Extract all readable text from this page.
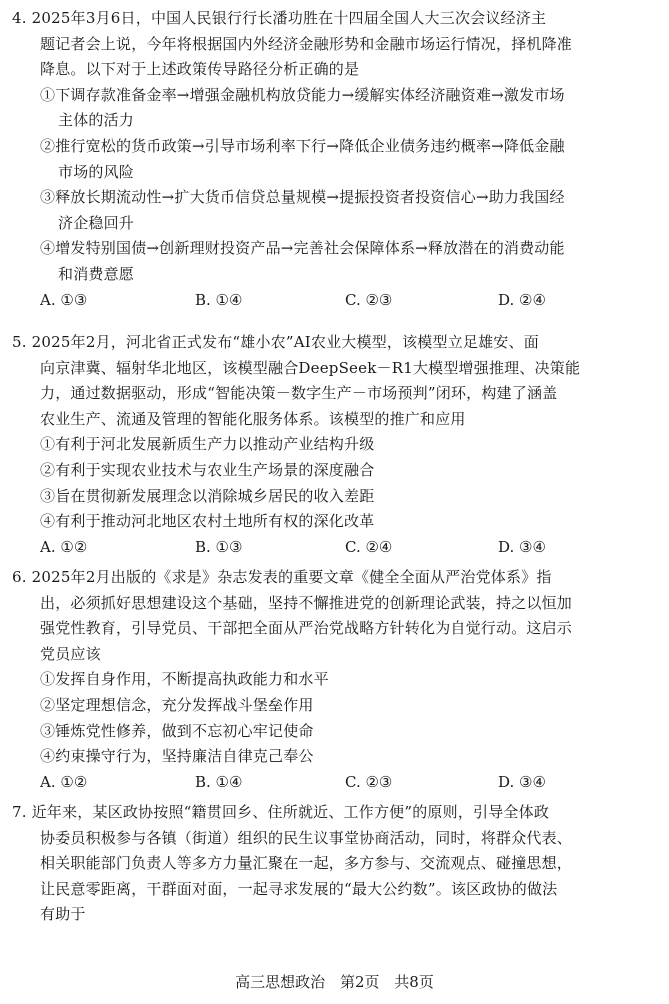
4. 2025年3月6日，中国人民银行行长潘功胜在十四届全国人大三次会议经济主
题记者会上说，今年将根据国内外经济金融形势和金融市场运行情况，择机降准
降息。以下对于上述政策传导路径分析正确的是
①下调存款准备金率→增强金融机构放贷能力→缓解实体经济融资难→激发市场
主体的活力
②推行宽松的货币政策→引导市场利率下行→降低企业债务违约概率→降低金融
市场的风险
③释放长期流动性→扩大货币信贷总量规模→提振投资者投资信心→助力我国经
济企稳回升
④增发特别国债→创新理财投资产品→完善社会保障体系→释放潜在的消费动能
和消费意愿
A. ①③	B. ①④	C. ②③	D. ②④
5. 2025年2月，河北省正式发布“雄小农”AI农业大模型，该模型立足雄安、面
向京津冀、辐射华北地区，该模型融合DeepSeek－R1大模型增强推理、决策能
力，通过数据驱动，形成“智能决策－数字生产－市场预判”闭环，构建了涵盖
农业生产、流通及管理的智能化服务体系。该模型的推广和应用
①有利于河北发展新质生产力以推动产业结构升级
②有利于实现农业技术与农业生产场景的深度融合
③旨在贯彻新发展理念以消除城乡居民的收入差距
④有利于推动河北地区农村土地所有权的深化改革
A. ①②	B. ①③	C. ②④	D. ③④
6. 2025年2月出版的《求是》杂志发表的重要文章《健全全面从严治党体系》指
出，必须抓好思想建设这个基础，坚持不懈推进党的创新理论武装，持之以恒加
强党性教育，引导党员、干部把全面从严治党战略方针转化为自觉行动。这启示
党员应该
①发挥自身作用，不断提高执政能力和水平
②坚定理想信念，充分发挥战斗堡垒作用
③锤炼党性修养，做到不忘初心牢记使命
④约束操守行为，坚持廉洁自律克己奉公
A. ①②	B. ①④	C. ②③	D. ③④
7. 近年来，某区政协按照“籍贯回乡、住所就近、工作方便”的原则，引导全体政
协委员积极参与各镇（街道）组织的民生议事堂协商活动，同时，将群众代表、
相关职能部门负责人等多方力量汇聚在一起，多方参与、交流观点、碰撞思想，
让民意零距离，干群面对面，一起寻求发展的“最大公约数”。该区政协的做法
有助于
高三思想政治 第2页 共8页
